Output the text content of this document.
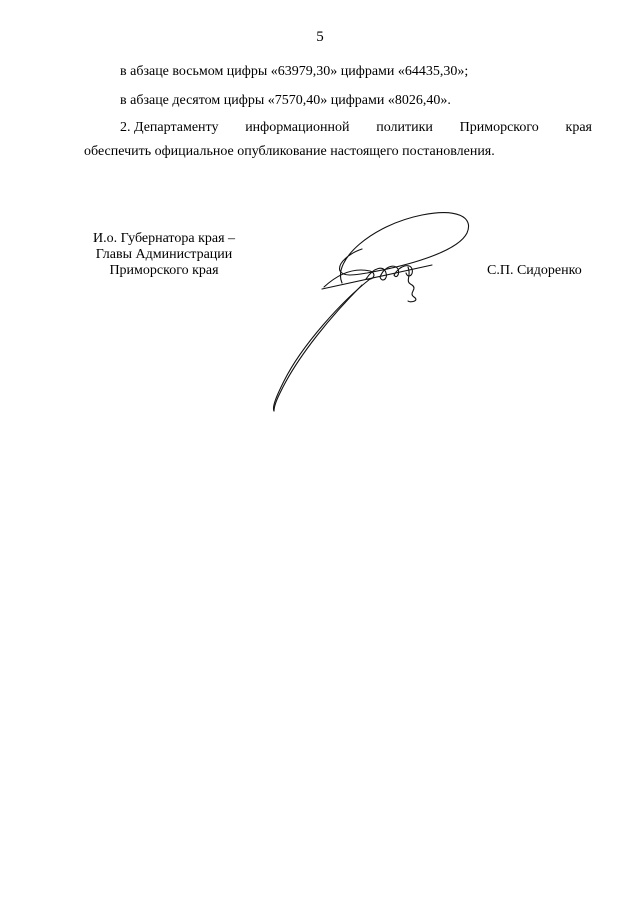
5
в абзаце восьмом цифры «63979,30» цифрами «64435,30»;
в абзаце десятом цифры «7570,40» цифрами «8026,40».
2. Департаменту информационной политики Приморского края
обеспечить официальное опубликование настоящего постановления.
И.о. Губернатора края –
Главы Администрации
Приморского края	С.П. Сидоренко
